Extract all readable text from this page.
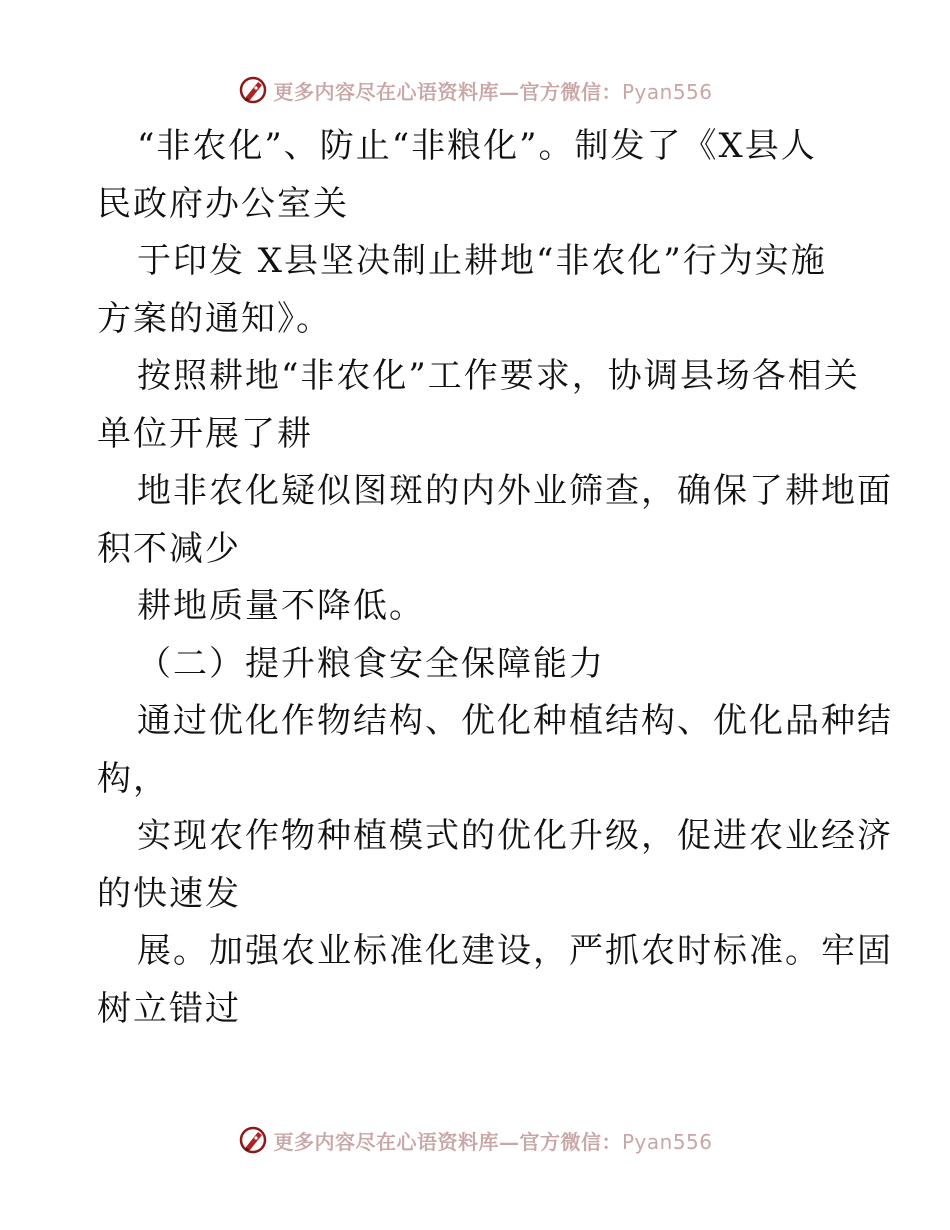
更多内容尽在心语资料库—官方微信：Pyan556
“非农化”、防止“非粮化”。制发了《X县人
民政府办公室关
于印发 X县坚决制止耕地“非农化”行为实施
方案的通知》。
按照耕地“非农化”工作要求，协调县场各相关
单位开展了耕
地非农化疑似图斑的内外业筛查，确保了耕地面
积不减少
耕地质量不降低。
（二）提升粮食安全保障能力
通过优化作物结构、优化种植结构、优化品种结
构，
实现农作物种植模式的优化升级，促进农业经济
的快速发
展。加强农业标准化建设，严抓农时标准。牢固
树立错过
更多内容尽在心语资料库—官方微信：Pyan556
